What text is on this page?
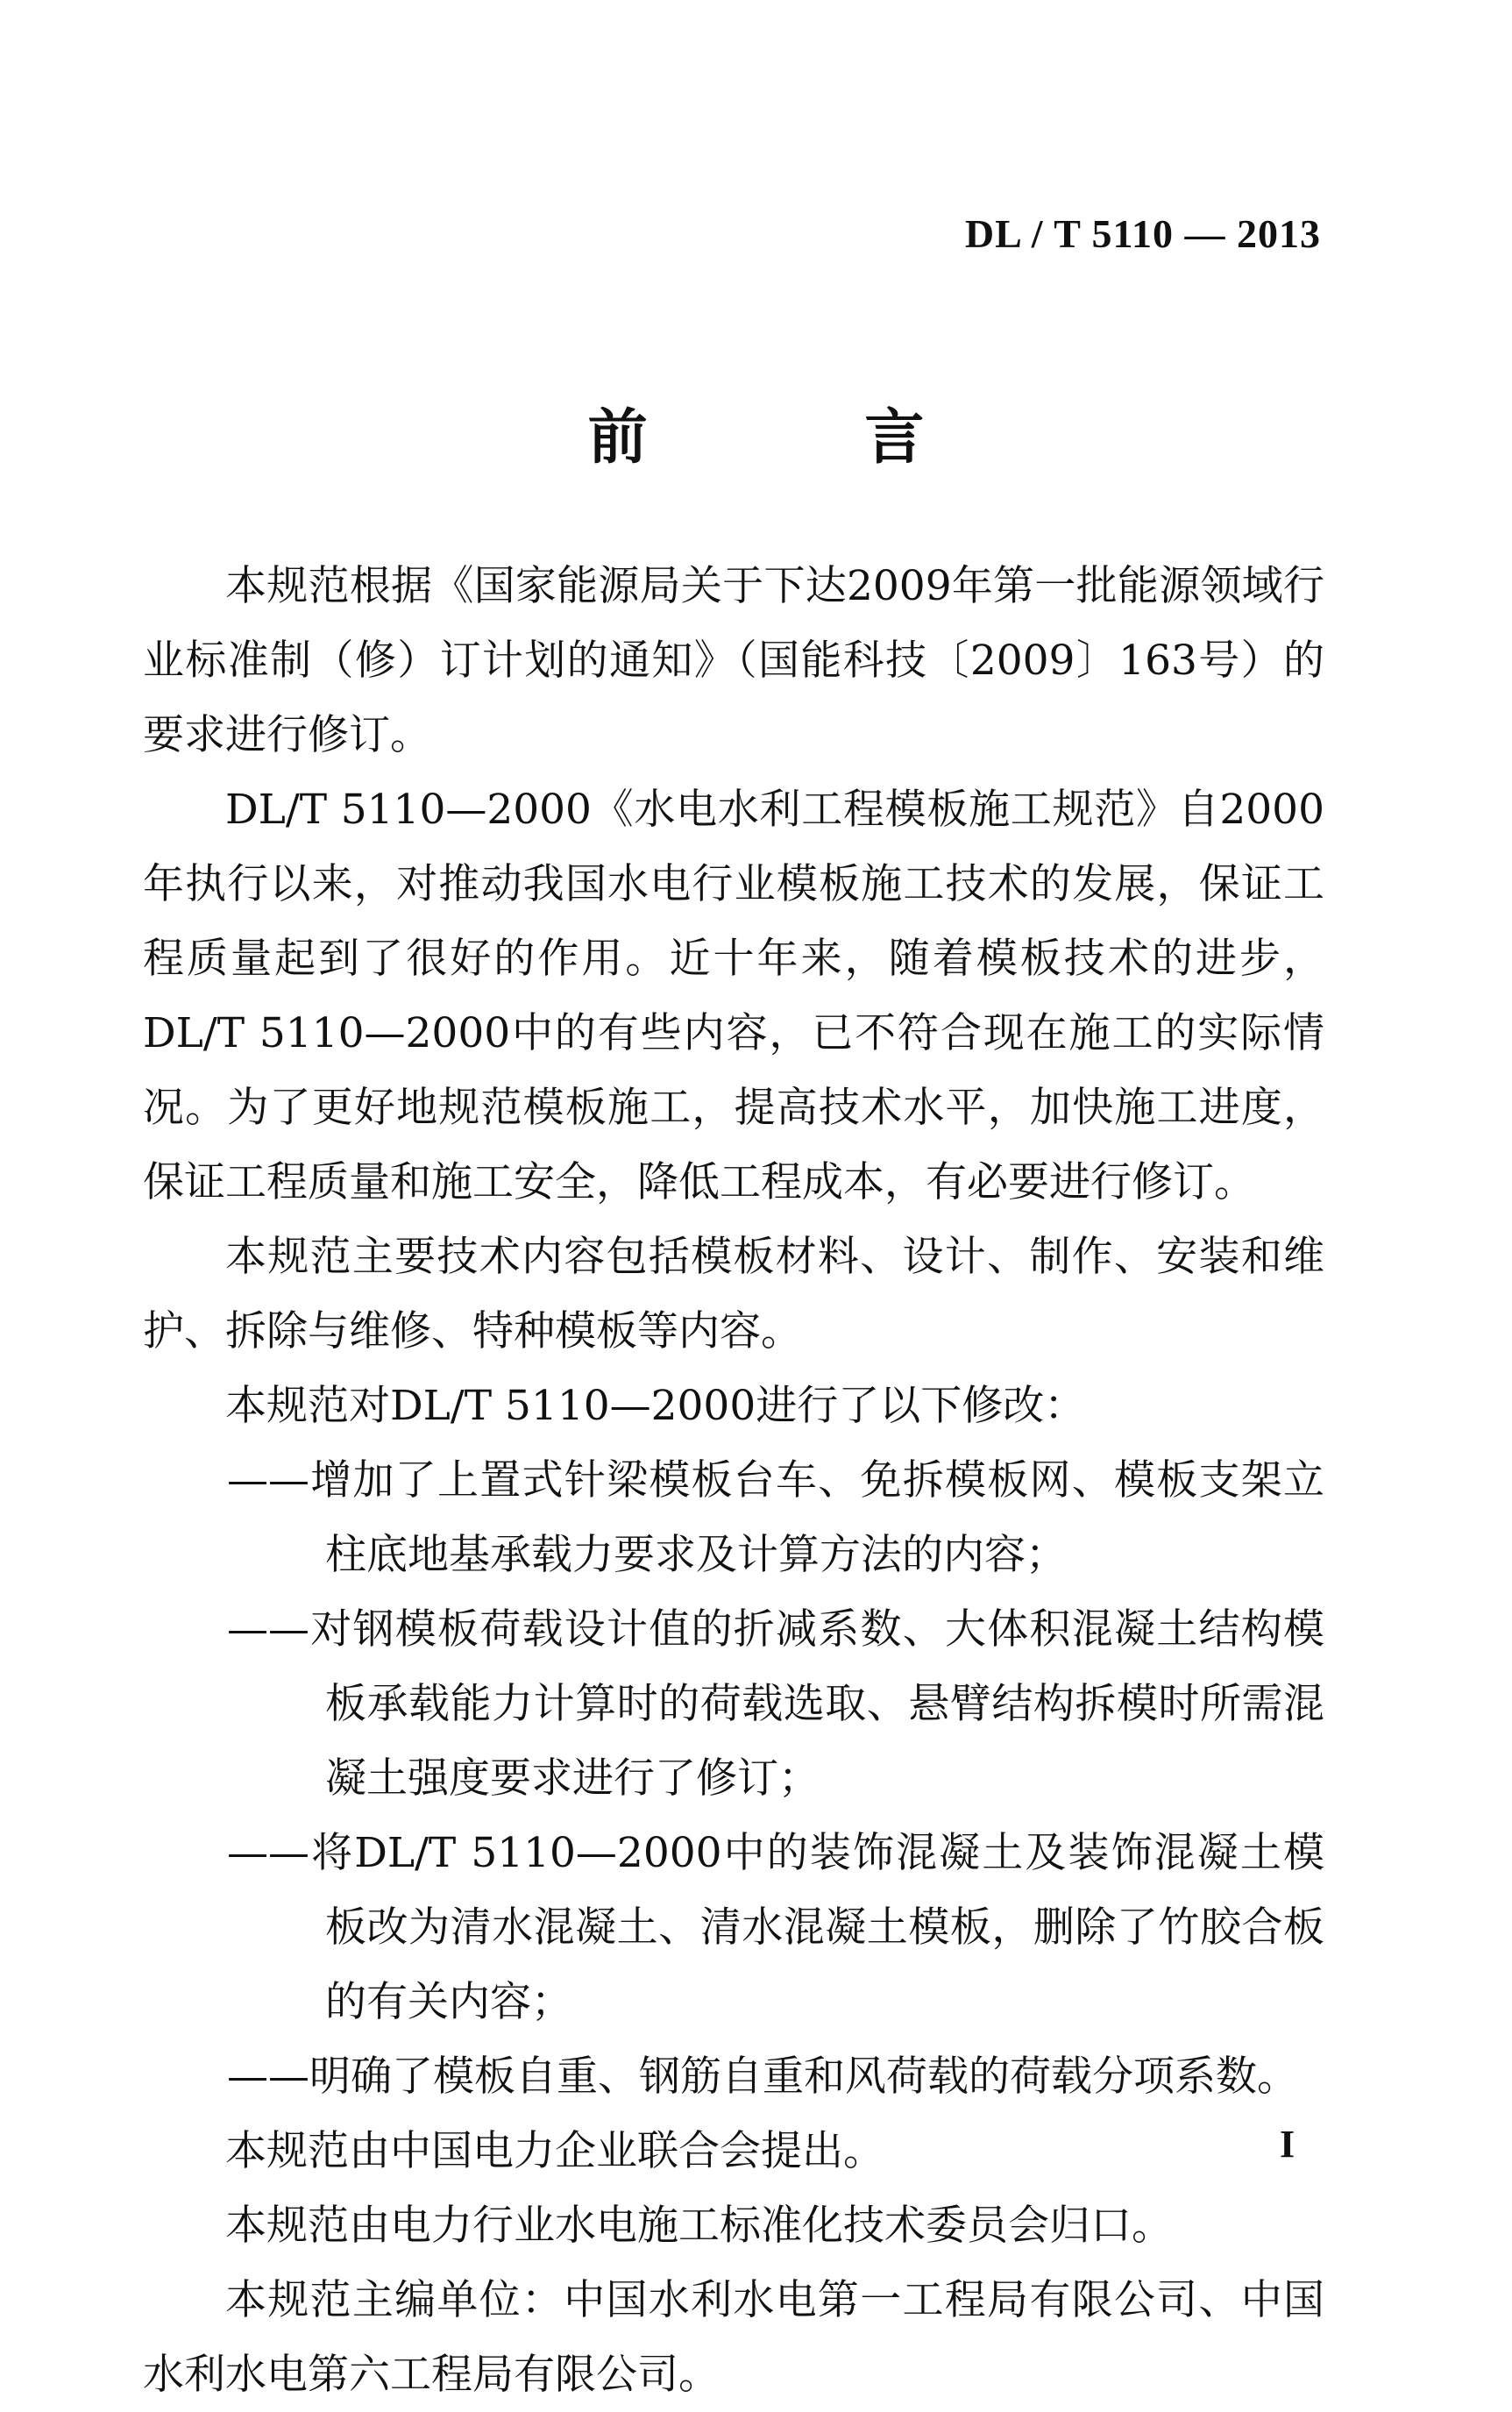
DL / T 5110 — 2013
前 言

本规范根据《国家能源局关于下达2009年第一批能源领域行业标准制（修）订计划的通知》（国能科技〔2009〕163号）的要求进行修订。

DL/T 5110—2000《水电水利工程模板施工规范》自2000年执行以来，对推动我国水电行业模板施工技术的发展，保证工程质量起到了很好的作用。近十年来，随着模板技术的进步，DL/T 5110—2000中的有些内容，已不符合现在施工的实际情况。为了更好地规范模板施工，提高技术水平，加快施工进度，保证工程质量和施工安全，降低工程成本，有必要进行修订。

本规范主要技术内容包括模板材料、设计、制作、安装和维护、拆除与维修、特种模板等内容。

本规范对DL/T 5110—2000进行了以下修改：

——增加了上置式针梁模板台车、免拆模板网、模板支架立柱底地基承载力要求及计算方法的内容；

——对钢模板荷载设计值的折减系数、大体积混凝土结构模板承载能力计算时的荷载选取、悬臂结构拆模时所需混凝土强度要求进行了修订；

——将DL/T 5110—2000中的装饰混凝土及装饰混凝土模板改为清水混凝土、清水混凝土模板，删除了竹胶合板的有关内容；

——明确了模板自重、钢筋自重和风荷载的荷载分项系数。

本规范由中国电力企业联合会提出。

本规范由电力行业水电施工标准化技术委员会归口。

本规范主编单位：中国水利水电第一工程局有限公司、中国水利水电第六工程局有限公司。

I
